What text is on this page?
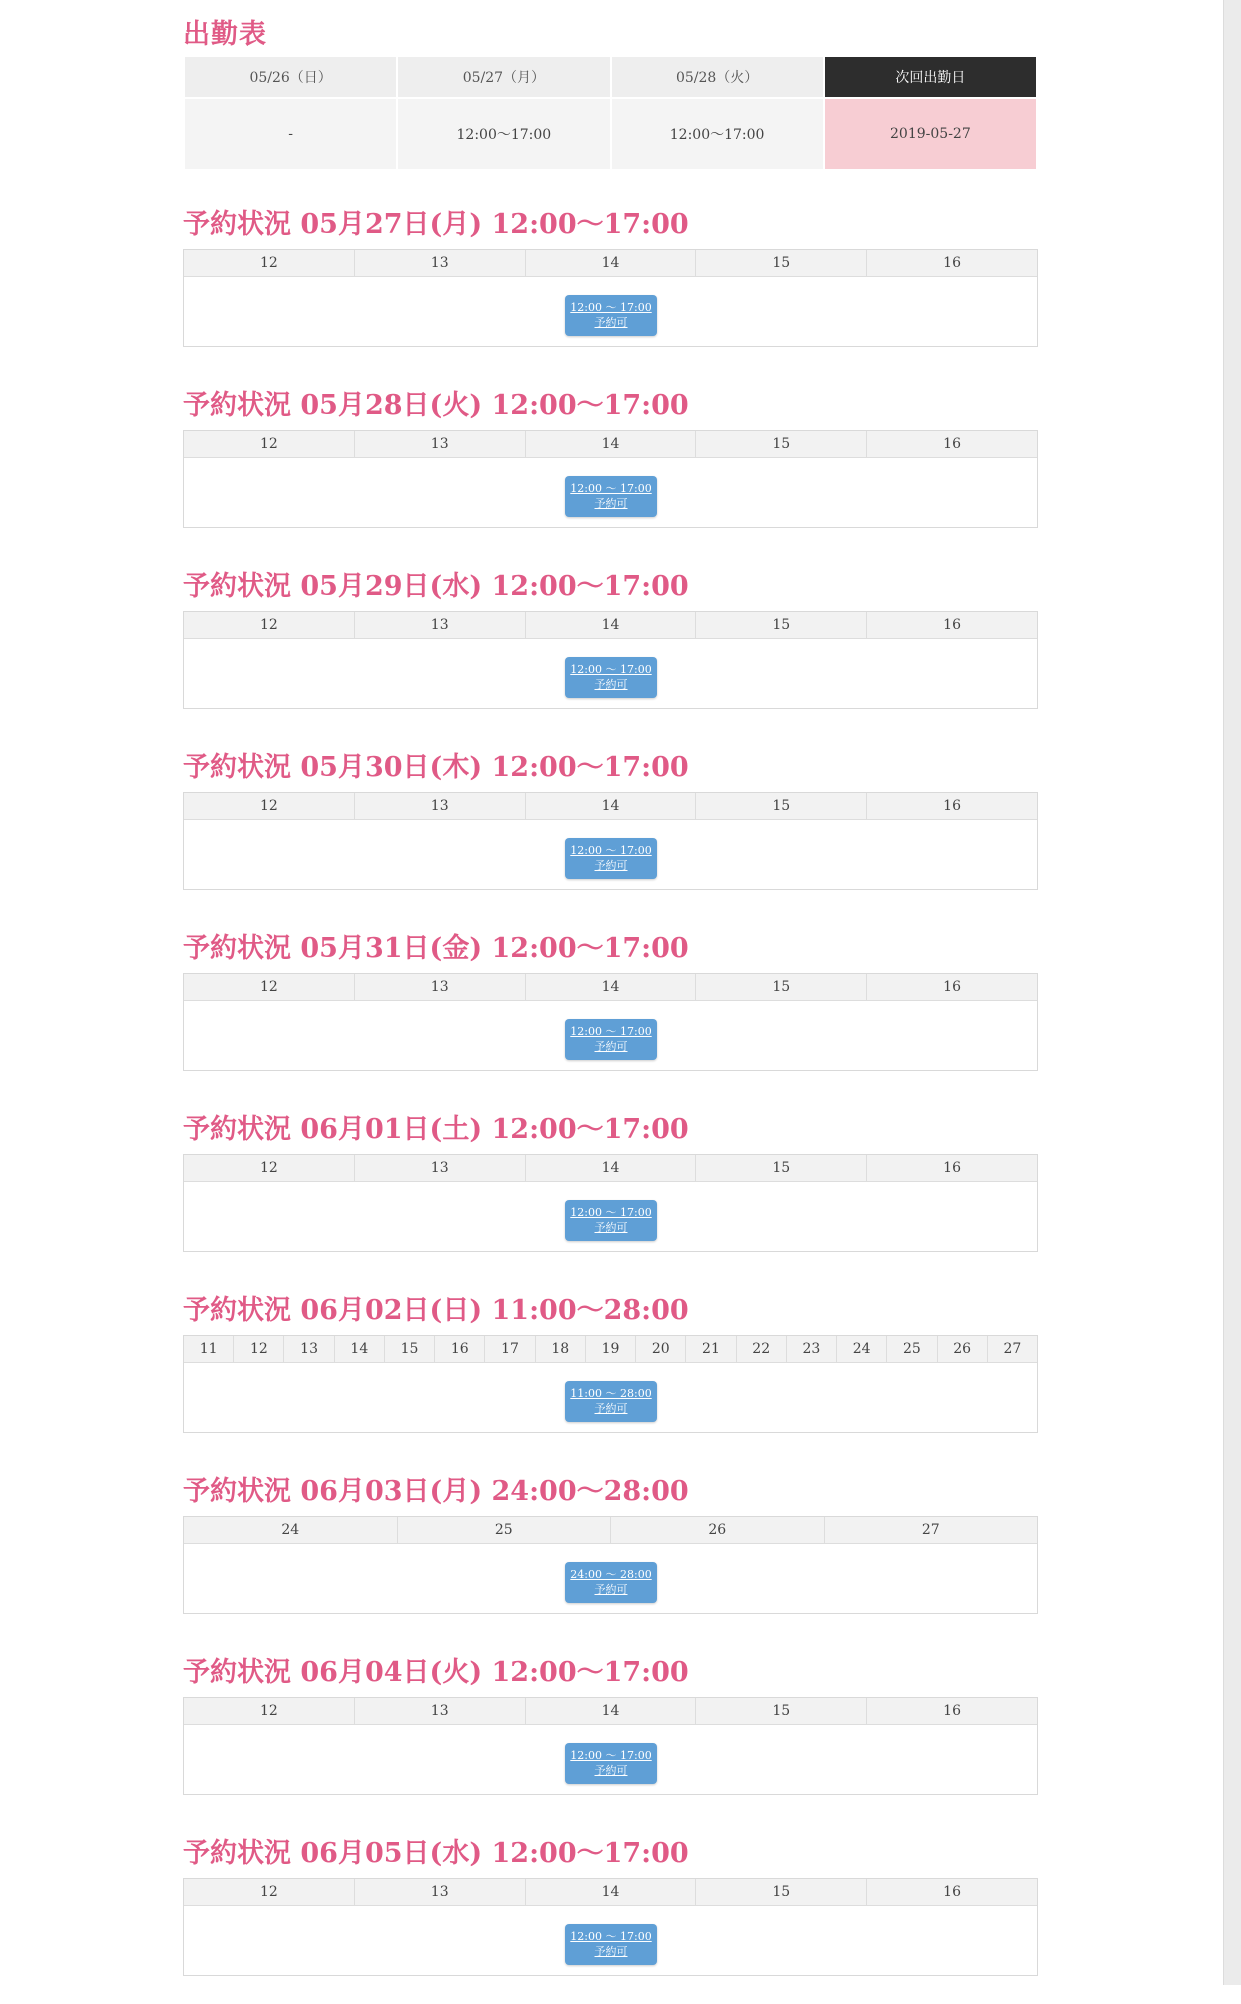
出勤表
05/26（日）	05/27（月）	05/28（火）	次回出勤日
-	12:00〜17:00	12:00〜17:00	2019-05-27
予約状況 05月27日(月) 12:00〜17:00
12	13	14	15	16
12:00 〜 17:00
予約可
予約状況 05月28日(火) 12:00〜17:00
12	13	14	15	16
12:00 〜 17:00
予約可
予約状況 05月29日(水) 12:00〜17:00
12	13	14	15	16
12:00 〜 17:00
予約可
予約状況 05月30日(木) 12:00〜17:00
12	13	14	15	16
12:00 〜 17:00
予約可
予約状況 05月31日(金) 12:00〜17:00
12	13	14	15	16
12:00 〜 17:00
予約可
予約状況 06月01日(土) 12:00〜17:00
12	13	14	15	16
12:00 〜 17:00
予約可
予約状況 06月02日(日) 11:00〜28:00
11	12	13	14	15	16	17	18	19	20	21	22	23	24	25	26	27
11:00 〜 28:00
予約可
予約状況 06月03日(月) 24:00〜28:00
24	25	26	27
24:00 〜 28:00
予約可
予約状況 06月04日(火) 12:00〜17:00
12	13	14	15	16
12:00 〜 17:00
予約可
予約状況 06月05日(水) 12:00〜17:00
12	13	14	15	16
12:00 〜 17:00
予約可
